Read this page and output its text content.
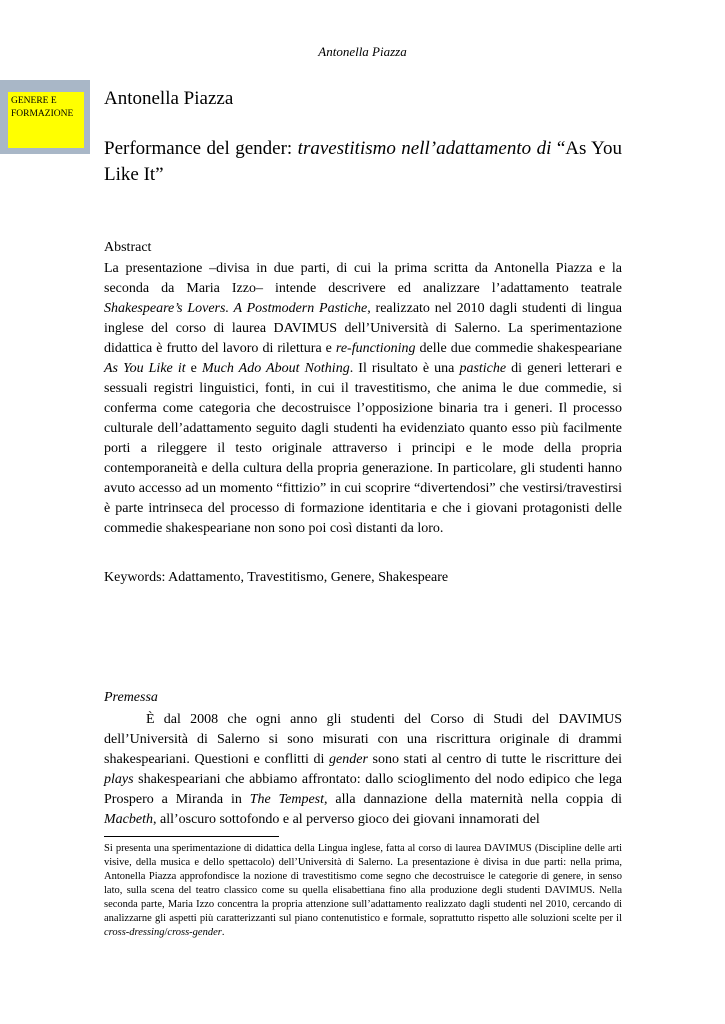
Antonella Piazza
GENERE E FORMAZIONE
Antonella Piazza
Performance del gender: travestitismo nell’adattamento di “As You Like It”
Abstract
La presentazione –divisa in due parti, di cui la prima scritta da Antonella Piazza e la seconda da Maria Izzo– intende descrivere ed analizzare l’adattamento teatrale Shakespeare’s Lovers. A Postmodern Pastiche, realizzato nel 2010 dagli studenti di lingua inglese del corso di laurea DAVIMUS dell’Università di Salerno. La sperimentazione didattica è frutto del lavoro di rilettura e re-functioning delle due commedie shakespeariane As You Like it e Much Ado About Nothing. Il risultato è una pastiche di generi letterari e sessuali registri linguistici, fonti, in cui il travestitismo, che anima le due commedie, si conferma come categoria che decostruisce l’opposizione binaria tra i generi. Il processo culturale dell’adattamento seguito dagli studenti ha evidenziato quanto esso più facilmente porti a rileggere il testo originale attraverso i principi e le mode della propria contemporaneità e della cultura della propria generazione. In particolare, gli studenti hanno avuto accesso ad un momento “fittizio” in cui scoprire “divertendosi” che vestirsi/travestirsi è parte intrinseca del processo di formazione identitaria e che i giovani protagonisti delle commedie shakespeariane non sono poi così distanti da loro.
Keywords: Adattamento, Travestitismo, Genere, Shakespeare
Premessa

È dal 2008 che ogni anno gli studenti del Corso di Studi del DAVIMUS dell’Università di Salerno si sono misurati con una riscrittura originale di drammi shakespeariani. Questioni e conflitti di gender sono stati al centro di tutte le riscritture dei plays shakespeariani che abbiamo affrontato: dallo scioglimento del nodo edipico che lega Prospero a Miranda in The Tempest, alla dannazione della maternità nella coppia di Macbeth, all’oscuro sottofondo e al perverso gioco dei giovani innamorati del

Si presenta una sperimentazione di didattica della Lingua inglese, fatta al corso di laurea DAVIMUS (Discipline delle arti visive, della musica e dello spettacolo) dell’Università di Salerno. La presentazione è divisa in due parti: nella prima, Antonella Piazza approfondisce la nozione di travestitismo come segno che decostruisce le categorie di genere, in senso lato, sulla scena del teatro classico come su quella elisabettiana fino alla produzione degli studenti DAVIMUS. Nella seconda parte, Maria Izzo concentra la propria attenzione sull’adattamento realizzato dagli studenti nel 2010, cercando di analizzarne gli aspetti più caratterizzanti sul piano contenutistico e formale, soprattutto rispetto alle soluzioni scelte per il cross-dressing/cross-gender.
